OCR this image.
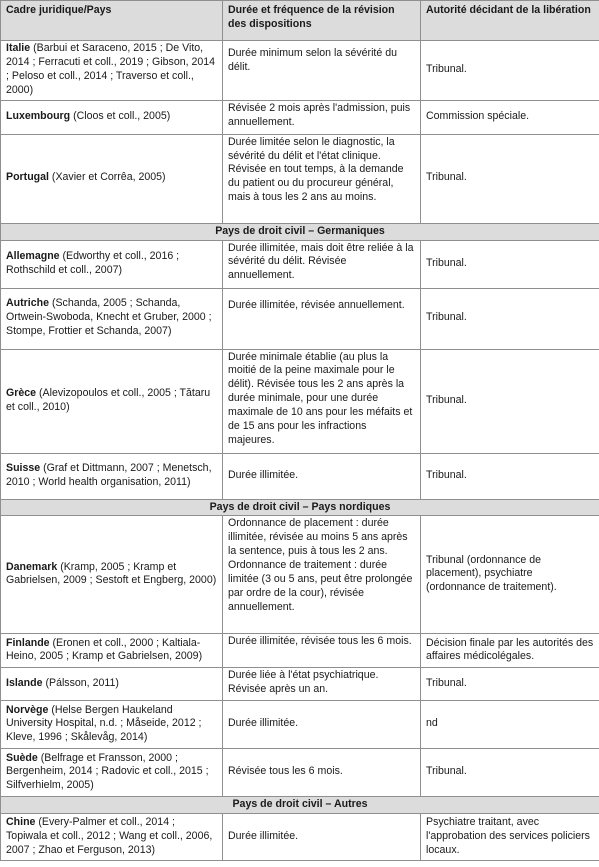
Cadre juridique/Pays	Durée et fréquence de la révision des dispositions	Autorité décidant de la libération
Italie (Barbui et Saraceno, 2015 ; De Vito, 2014 ; Ferracuti et coll., 2019 ; Gibson, 2014 ; Peloso et coll., 2014 ; Traverso et coll., 2000)	Durée minimum selon la sévérité du délit.	Tribunal.
Luxembourg (Cloos et coll., 2005)	Révisée 2 mois après l'admission, puis annuellement.	Commission spéciale.
Portugal (Xavier et Corrêa, 2005)	Durée limitée selon le diagnostic, la sévérité du délit et l'état clinique. Révisée en tout temps, à la demande du patient ou du procureur général, mais à tous les 2 ans au moins.	Tribunal.
Pays de droit civil – Germaniques		
Allemagne (Edworthy et coll., 2016 ; Rothschild et coll., 2007)	Durée illimitée, mais doit être reliée à la sévérité du délit. Révisée annuellement.	Tribunal.
Autriche (Schanda, 2005 ; Schanda, Ortwein-Swoboda, Knecht et Gruber, 2000 ; Stompe, Frottier et Schanda, 2007)	Durée illimitée, révisée annuellement.	Tribunal.
Grèce (Alevizopoulos et coll., 2005 ; Tătaru et coll., 2010)	Durée minimale établie (au plus la moitié de la peine maximale pour le délit). Révisée tous les 2 ans après la durée minimale, pour une durée maximale de 10 ans pour les méfaits et de 15 ans pour les infractions majeures.	Tribunal.
Suisse (Graf et Dittmann, 2007 ; Menetsch, 2010 ; World health organisation, 2011)	Durée illimitée.	Tribunal.
Pays de droit civil – Pays nordiques		
Danemark (Kramp, 2005 ; Kramp et Gabrielsen, 2009 ; Sestoft et Engberg, 2000)	Ordonnance de placement : durée illimitée, révisée au moins 5 ans après la sentence, puis à tous les 2 ans. Ordonnance de traitement : durée limitée (3 ou 5 ans, peut être prolongée par ordre de la cour), révisée annuellement.	Tribunal (ordonnance de placement), psychiatre (ordonnance de traitement).
Finlande (Eronen et coll., 2000 ; Kaltiala-Heino, 2005 ; Kramp et Gabrielsen, 2009)	Durée illimitée, révisée tous les 6 mois.	Décision finale par les autorités des affaires médicolégales.
Islande (Pálsson, 2011)	Durée liée à l'état psychiatrique. Révisée après un an.	Tribunal.
Norvège (Helse Bergen Haukeland University Hospital, n.d. ; Måseide, 2012 ; Kleve, 1996 ; Skålevåg, 2014)	Durée illimitée.	nd
Suède (Belfrage et Fransson, 2000 ; Bergenheim, 2014 ; Radovic et coll., 2015 ; Silfverhielm, 2005)	Révisée tous les 6 mois.	Tribunal.
Pays de droit civil – Autres		
Chine (Every-Palmer et coll., 2014 ; Topiwala et coll., 2012 ; Wang et coll., 2006, 2007 ; Zhao et Ferguson, 2013)	Durée illimitée.	Psychiatre traitant, avec l'approbation des services policiers locaux.
